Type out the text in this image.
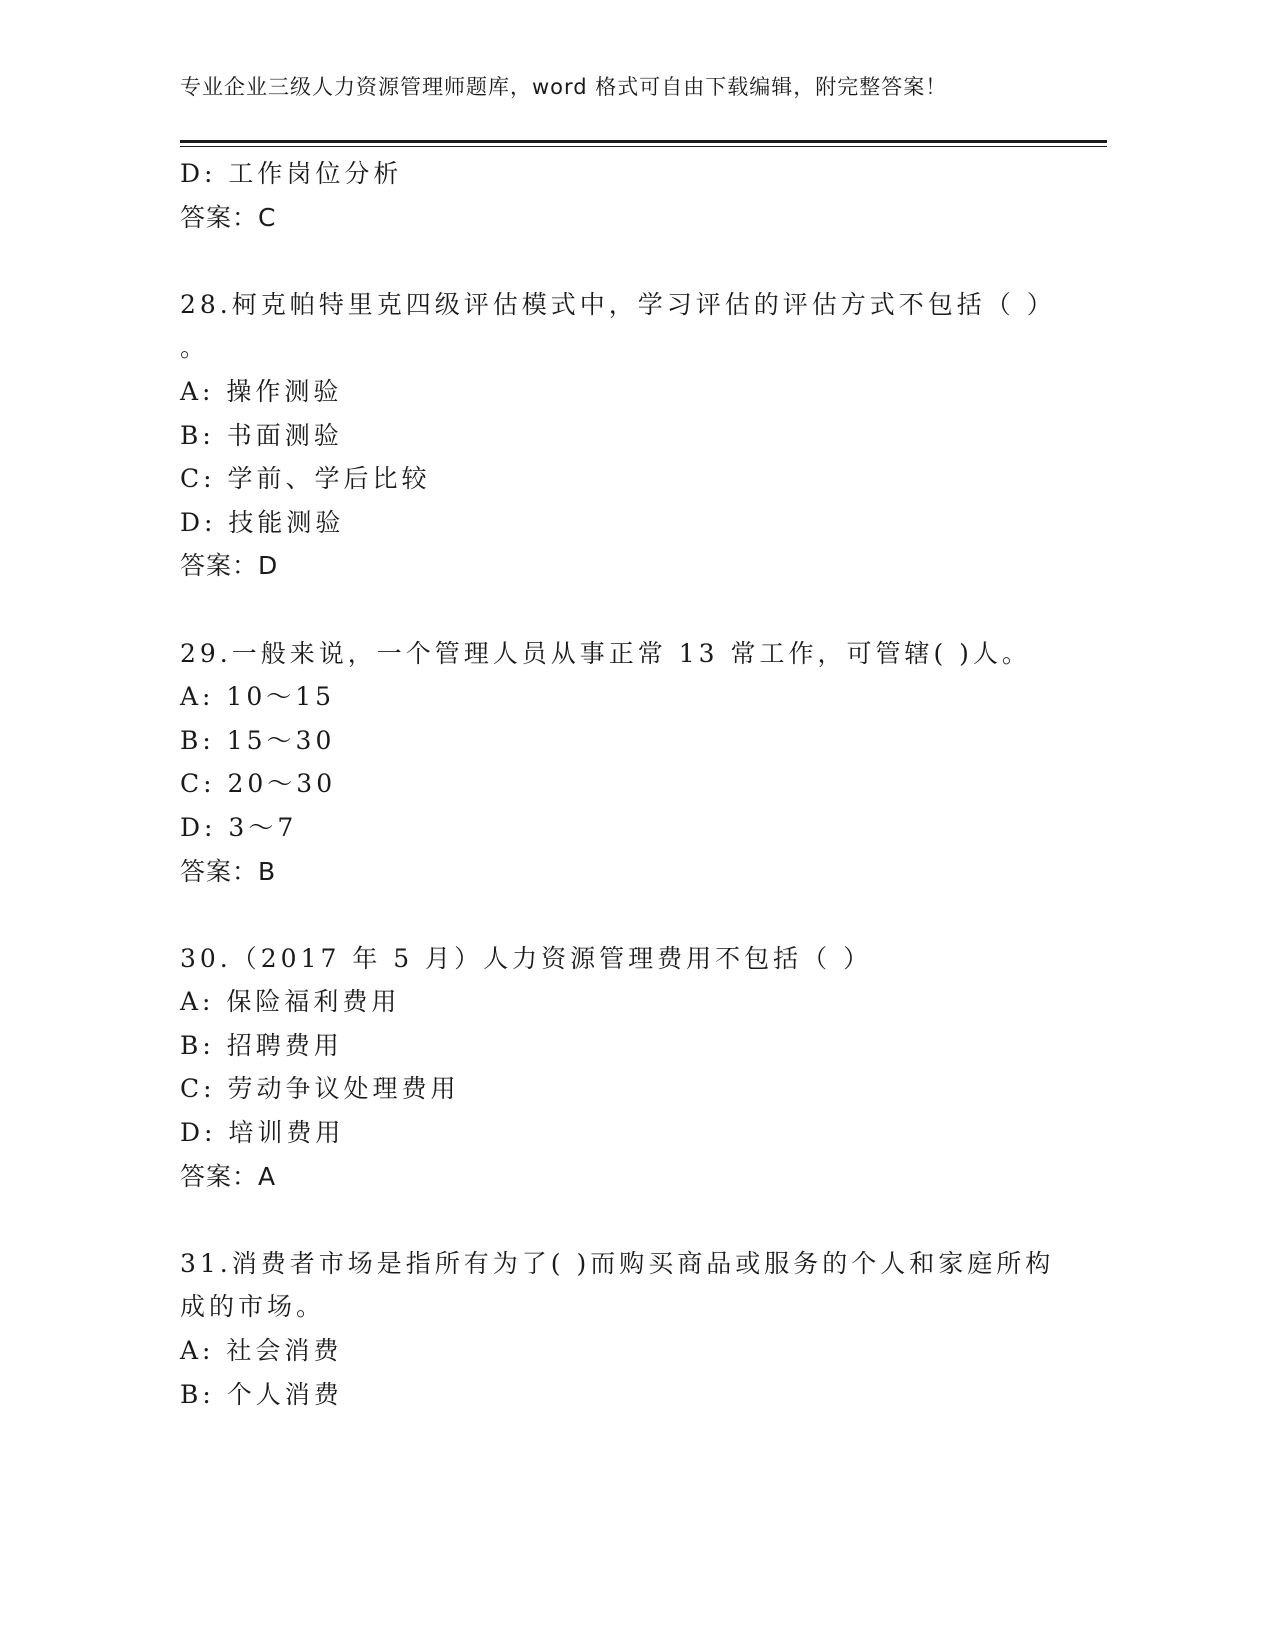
专业企业三级人力资源管理师题库，word 格式可自由下载编辑，附完整答案！
D: 工作岗位分析
答案：C
28.柯克帕特里克四级评估模式中，学习评估的评估方式不包括（ ）
。
A: 操作测验
B: 书面测验
C: 学前、学后比较
D: 技能测验
答案：D
29.一般来说，一个管理人员从事正常 13 常工作，可管辖( )人。
A: 10～15
B: 15～30
C: 20～30
D: 3～7
答案：B
30.（2017 年 5 月）人力资源管理费用不包括（ ）
A: 保险福利费用
B: 招聘费用
C: 劳动争议处理费用
D: 培训费用
答案：A
31.消费者市场是指所有为了( )而购买商品或服务的个人和家庭所构
成的市场。
A: 社会消费
B: 个人消费
